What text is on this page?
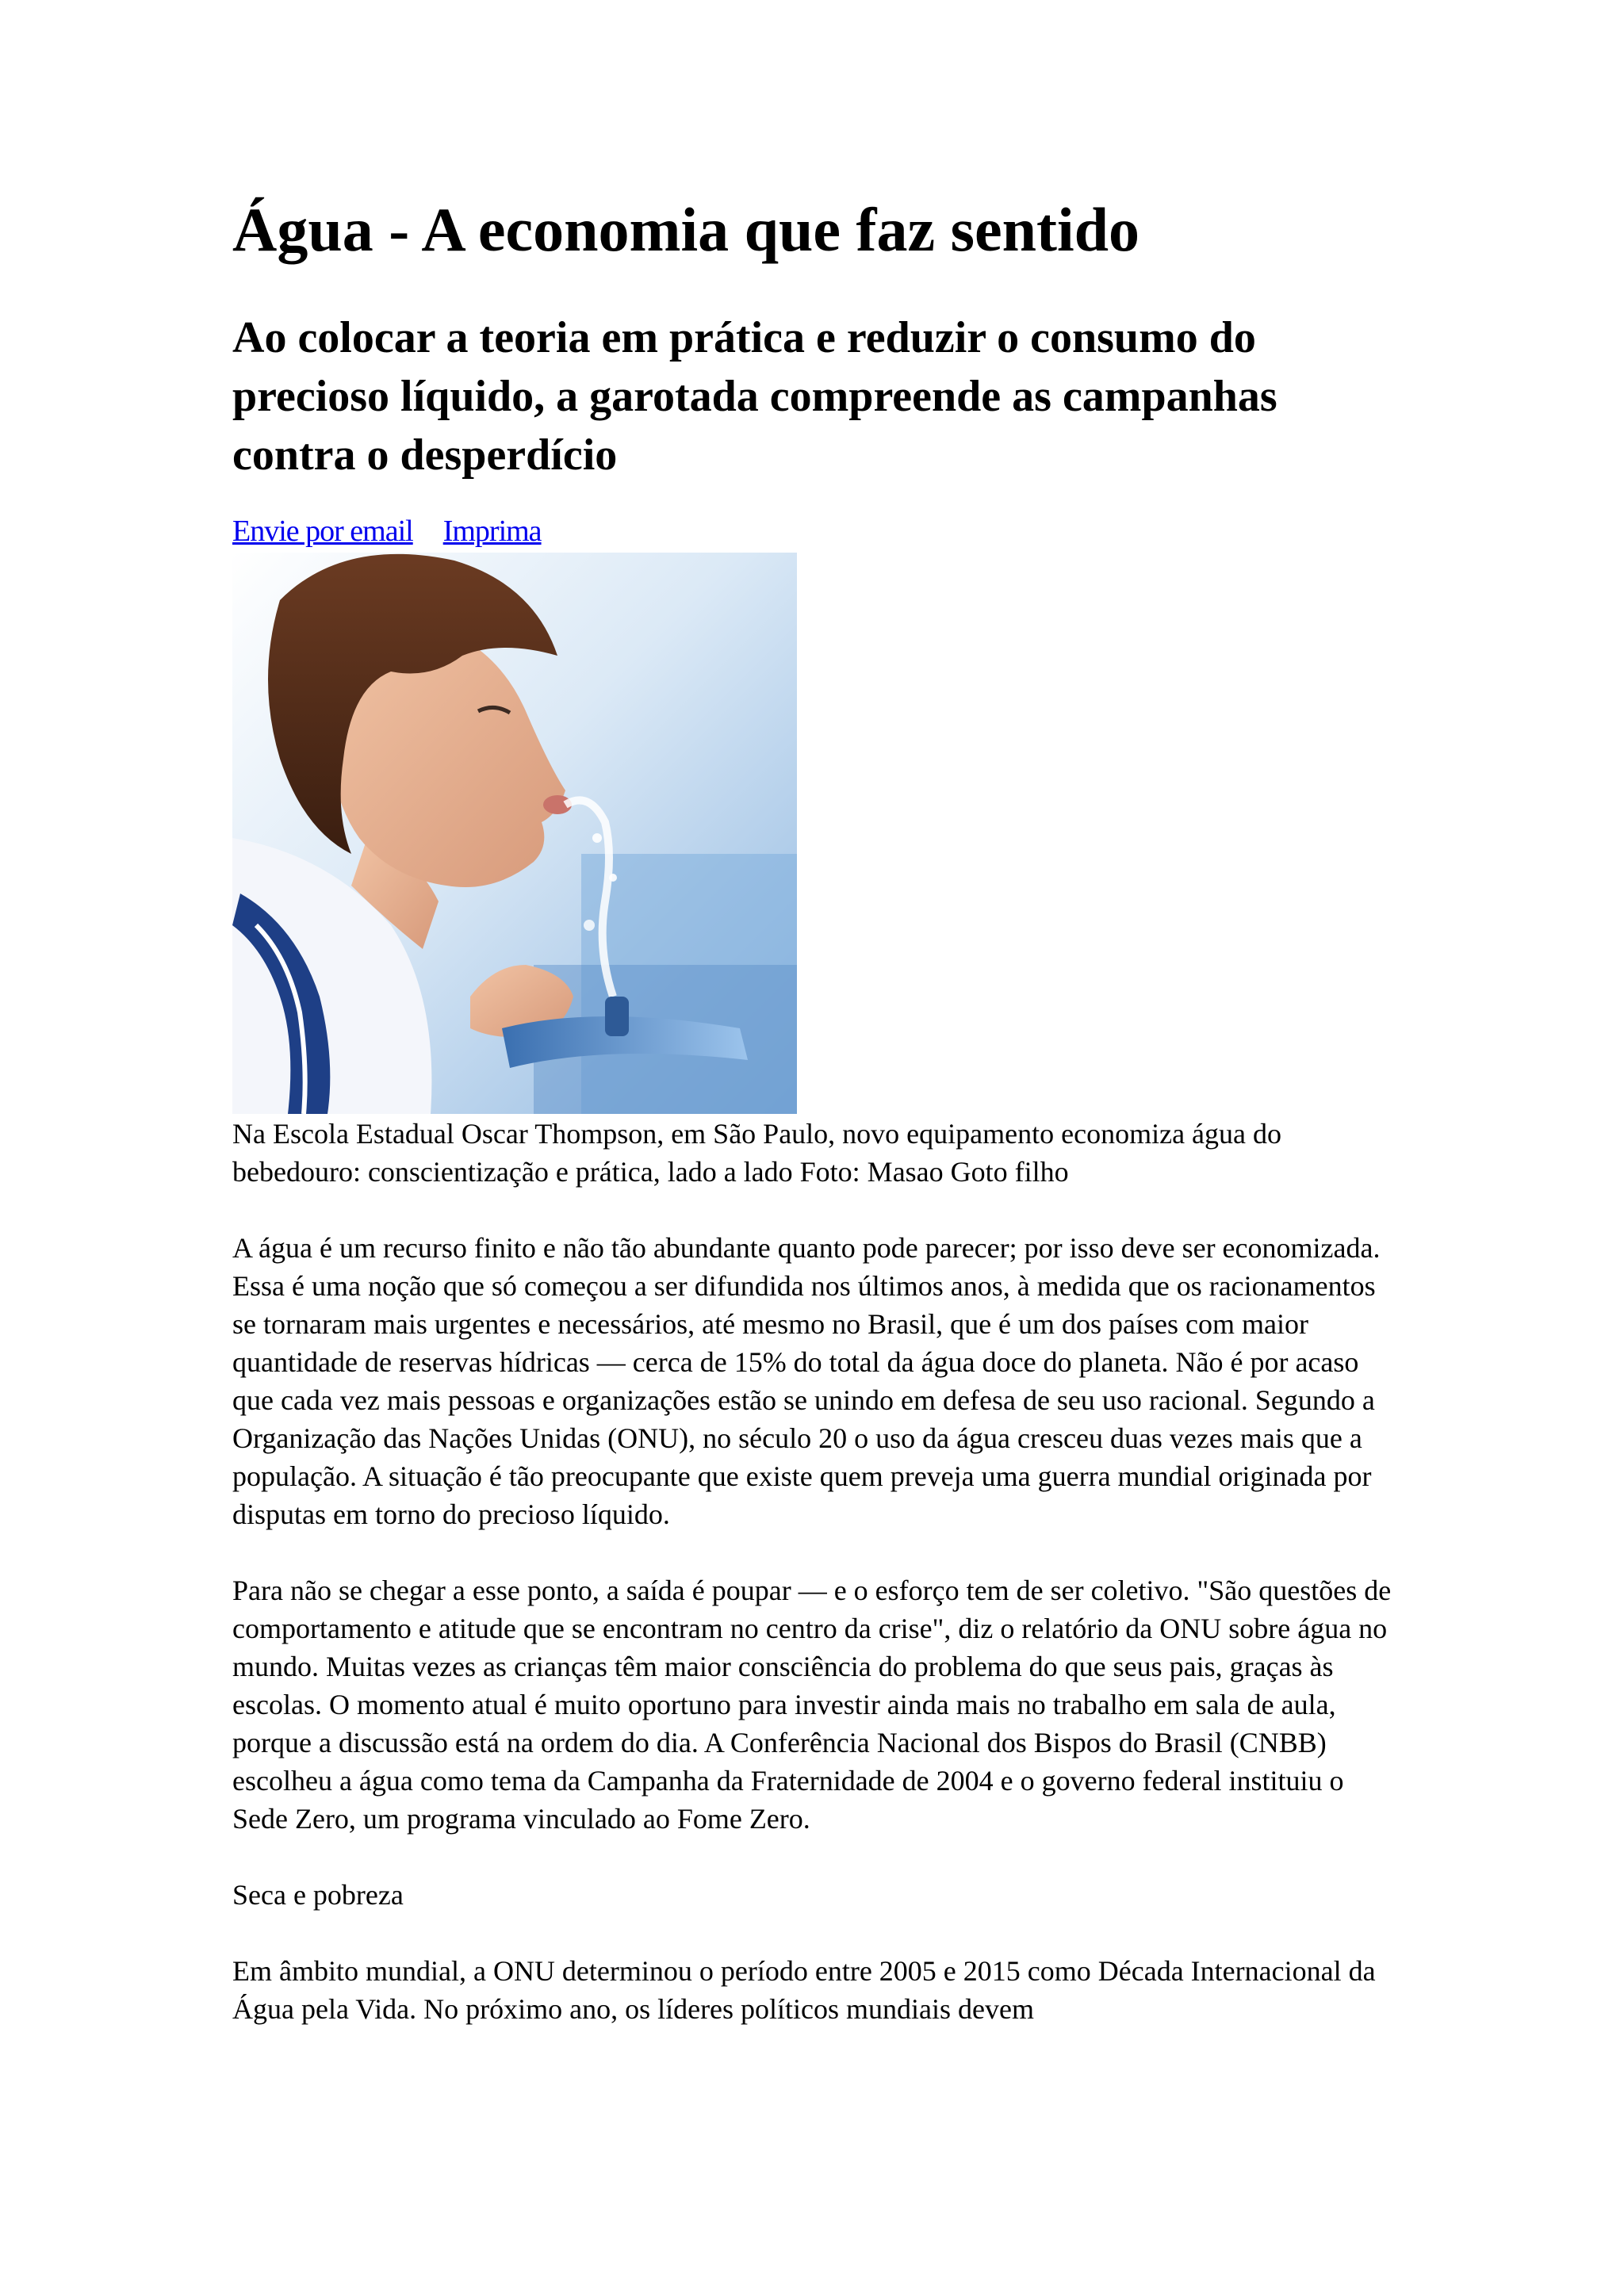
Água - A economia que faz sentido
Ao colocar a teoria em prática e reduzir o consumo do precioso líquido, a garotada compreende as campanhas contra o desperdício
Envie por email Imprima

Na Escola Estadual Oscar Thompson, em São Paulo, novo equipamento economiza água do bebedouro: conscientização e prática, lado a lado Foto: Masao Goto filho

A água é um recurso finito e não tão abundante quanto pode parecer; por isso deve ser economizada. Essa é uma noção que só começou a ser difundida nos últimos anos, à medida que os racionamentos se tornaram mais urgentes e necessários, até mesmo no Brasil, que é um dos países com maior quantidade de reservas hídricas — cerca de 15% do total da água doce do planeta. Não é por acaso que cada vez mais pessoas e organizações estão se unindo em defesa de seu uso racional. Segundo a Organização das Nações Unidas (ONU), no século 20 o uso da água cresceu duas vezes mais que a população. A situação é tão preocupante que existe quem preveja uma guerra mundial originada por disputas em torno do precioso líquido.

Para não se chegar a esse ponto, a saída é poupar — e o esforço tem de ser coletivo. "São questões de comportamento e atitude que se encontram no centro da crise", diz o relatório da ONU sobre água no mundo. Muitas vezes as crianças têm maior consciência do problema do que seus pais, graças às escolas. O momento atual é muito oportuno para investir ainda mais no trabalho em sala de aula, porque a discussão está na ordem do dia. A Conferência Nacional dos Bispos do Brasil (CNBB) escolheu a água como tema da Campanha da Fraternidade de 2004 e o governo federal instituiu o Sede Zero, um programa vinculado ao Fome Zero.

Seca e pobreza

Em âmbito mundial, a ONU determinou o período entre 2005 e 2015 como Década Internacional da Água pela Vida. No próximo ano, os líderes políticos mundiais devem
